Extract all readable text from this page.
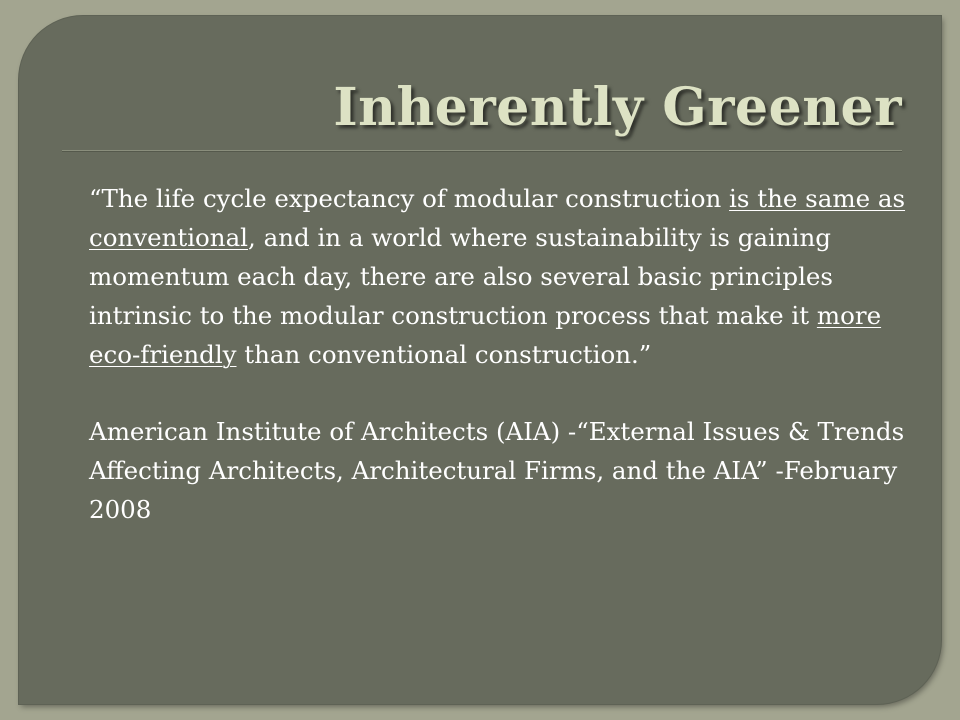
Inherently Greener

“The life cycle expectancy of modular construction is the same as conventional, and in a world where sustainability is gaining momentum each day, there are also several basic principles intrinsic to the modular construction process that make it more eco-friendly than conventional construction.”

American Institute of Architects (AIA) -“External Issues & Trends Affecting Architects, Architectural Firms, and the AIA” -February 2008
